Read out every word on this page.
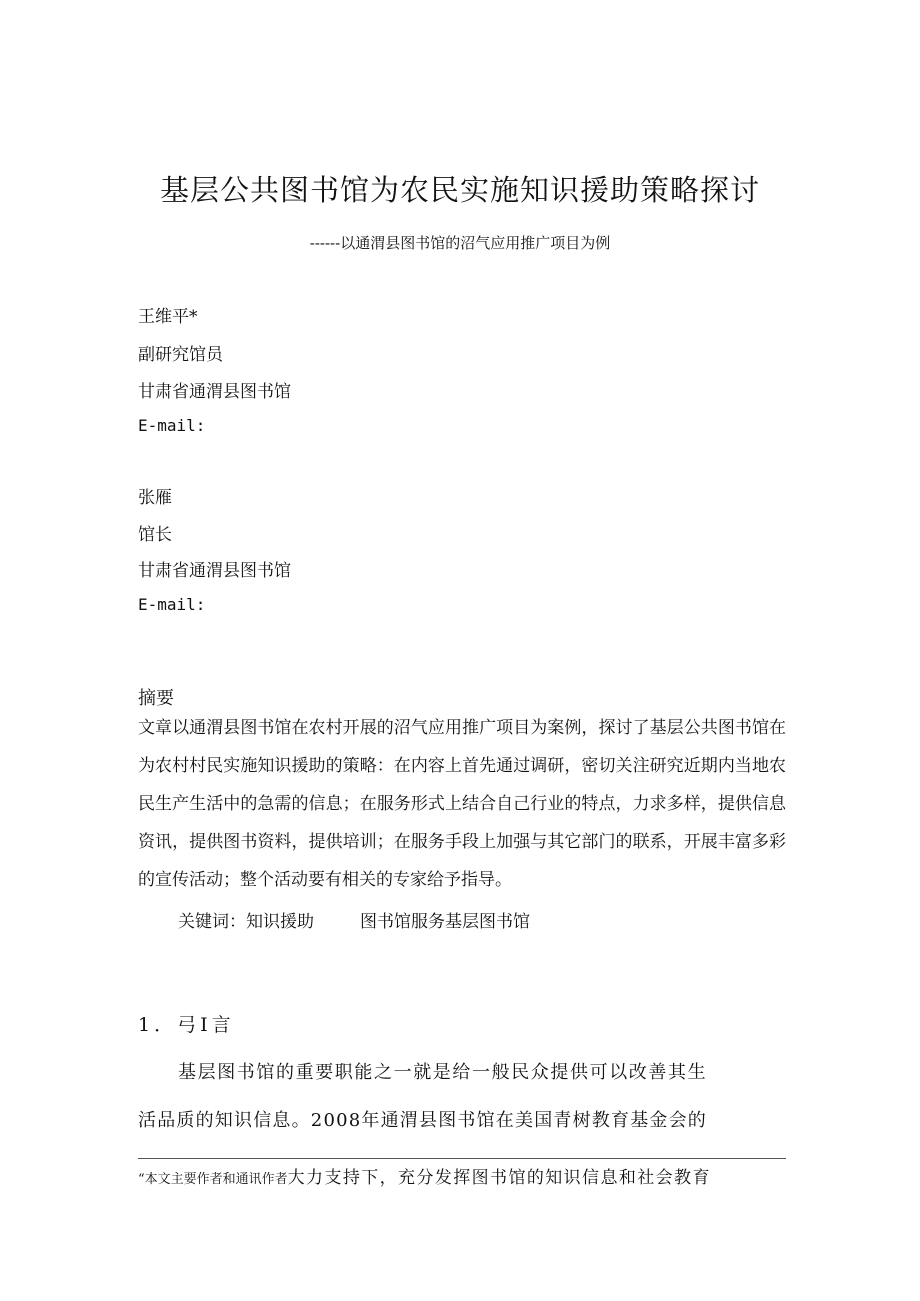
基层公共图书馆为农民实施知识援助策略探讨
------以通渭县图书馆的沼气应用推广项目为例
王维平*
副研究馆员
甘肃省通渭县图书馆
E-mail:
张雁
馆长
甘肃省通渭县图书馆
E-mail:
摘要
文章以通渭县图书馆在农村开展的沼气应用推广项目为案例，探讨了基层公共图书馆在
为农村村民实施知识援助的策略：在内容上首先通过调研，密切关注研究近期内当地农
民生产生活中的急需的信息；在服务形式上结合自己行业的特点，力求多样，提供信息
资讯，提供图书资料，提供培训；在服务手段上加强与其它部门的联系，开展丰富多彩
的宣传活动；整个活动要有相关的专家给予指导。
关键词：知识援助	图书馆服务基层图书馆
1．弓I言
基层图书馆的重要职能之一就是给一般民众提供可以改善其生
活品质的知识信息。2008年通渭县图书馆在美国青树教育基金会的
“本文主要作者和通讯作者大力支持下，充分发挥图书馆的知识信息和社会教育
